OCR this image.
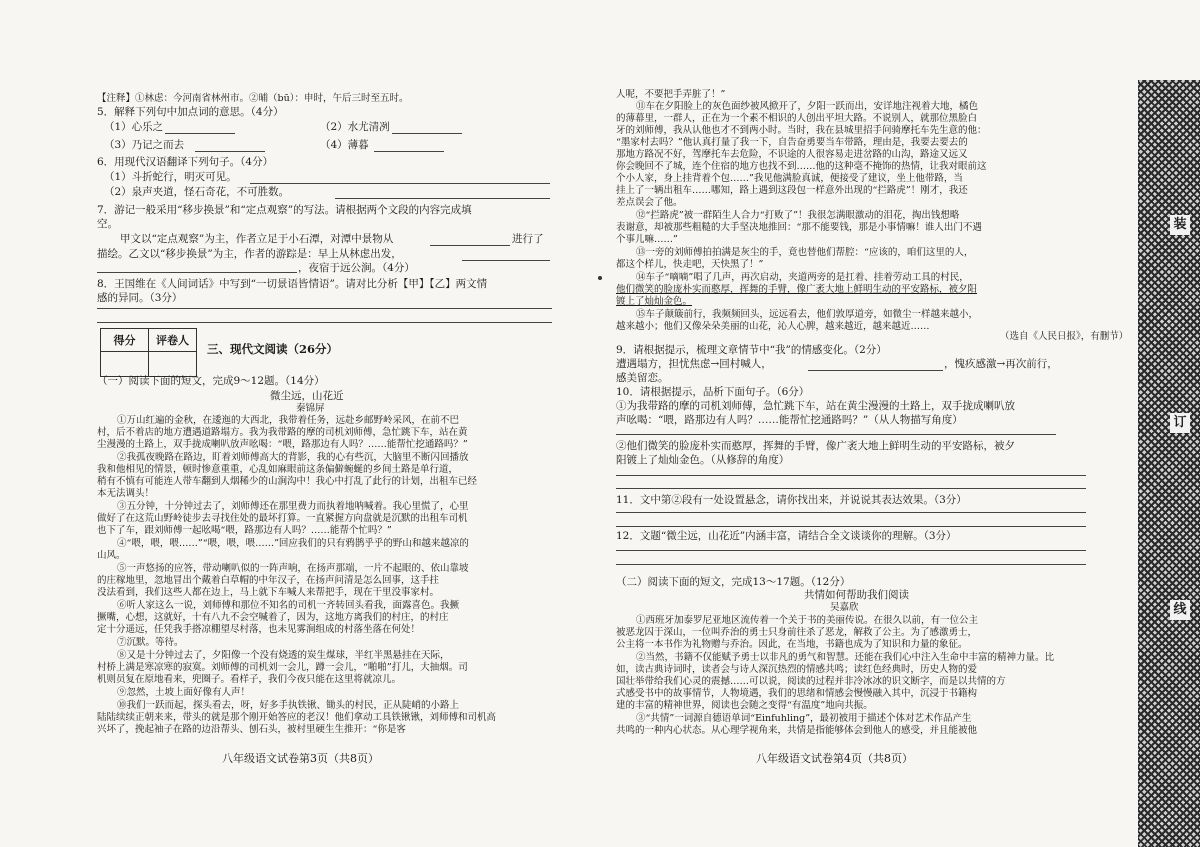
【注释】①林虑：今河南省林州市。②晡（bū）：申时，午后三时至五时。
5．解释下列句中加点词的意思。（4分）
（1）心乐之	（2）水尤清冽
（3）乃记之而去	（4）薄暮
6．用现代汉语翻译下列句子。（4分）
（1）斗折蛇行，明灭可见。
（2）泉声夹道，怪石奇花，不可胜数。
7．游记一般采用“移步换景”和“定点观察”的写法。请根据两个文段的内容完成填
空。
甲文以“定点观察”为主，作者立足于小石潭，对潭中景物从	进行了
描绘。乙文以“移步换景”为主，作者的游踪是：早上从林虑出发，
，夜宿于远公涧。（4分）
8．王国维在《人间词话》中写到“一切景语皆情语”。请对比分析【甲】【乙】两文情
感的异同。（3分）
得分	评卷人

三、现代文阅读（26分）
（一）阅读下面的短文，完成9～12题。（14分）
微尘远，山花近
秦锦屏
①万山红遍的金秋，在逶迤的大西北，我带着任务，远赴乡邮野岭采风，在前不巴
村，后不着店的地方遭遇道路塌方。我为我带路的摩的司机刘师傅，急忙跳下车，站在黄
尘漫漫的土路上，双手拢成喇叭放声吆喝：“喂，路那边有人吗？……能帮忙挖通路吗？”
②我孤夜晚路在路边，盯着刘师傅高大的背影，我的心有些沉，大脑里不断闪回播放
我和他相见的情景，顿时惨意重重，心乱如麻眼前这条偏僻蜿蜒的乡间土路是单行道，
稍有不慎有可能连人带车翻到人烟稀少的山涧沟中！我心中打乱了此行的计划，出租车已经
本无法调头！
③五分钟，十分钟过去了，刘师傅还在那里费力而执着地呐喊着。我心里慌了，心里
做好了在这荒山野岭徒步去寻找住处的最坏打算。一直紧握方向盘就是沉默的出租车司机
也下了车，跟刘师傅一起吆喝“喂，路那边有人吗？……能帮个忙吗？”
④“喂，喂，喂……”“喂，喂，喂……”回应我们的只有鸦鹊乎乎的野山和越来越凉的
山风。
⑤一声悠扬的应答，带动喇叭似的一阵声响，在扬声那端，一片不起眼的、依山靠坡
的庄稼地里，忽地冒出个戴着白草帽的中年汉子，在扬声问清是怎么回事，这手拄
没法看到，我们这些人都在边上，马上就下车喊人来帮把手，现在干里没事家村。
⑥听人家这么一说，刘师傅和那位不知名的司机一齐转回头看我，面露喜色。我撅
撅嘴，心想，这就好，十有八九不会空喊着了，因为，这地方离我们的村庄，的村庄
定十分遥远，任凭我手搭凉棚望尽村落，也未见雾涧组成的村落坐落在何处！
⑦沉默。等待。
⑧又是十分钟过去了，夕阳像一个没有烧透的炭生煤球，半红半黑悬挂在天际，
村桥上满是寒凉寒的寂寞。刘师傅的司机刘一会儿，蹲一会儿，“啪啪”打儿，大抽烟。司
机则员复在原地看来，兜圈子。看样子，我们今夜只能在这里将就凉儿。
⑨忽然，土坡上面好像有人声！
⑩我们一跃而起，探头看去，呀，好多手执铁锹、锄头的村民，正从陡峭的小路上
陆陆续续正朝来来，带头的就是那个刚开始答应的老汉！他们拿动工具铁锹锹，刘师傅和司机高
兴坏了，挽起袖子在路的边沿帮头、刨石头，被村里硬生生推开：“你是客
八年级语文试卷第3页（共8页）
人呢，不要把手弄脏了！”
⑪车在夕阳脸上的灰色面纱被风掀开了，夕阳一跃而出，安详地注视着大地，橘色
的薄幕里，一群人，正在为一个素不相识的人创出平坦大路。不说别人，就那位黑脸白
牙的刘师傅，我从认他也才不到两小时。当时，我在县城里招手问骑摩托车先生意的他：
“墨家村去吗？”他认真打量了我一下，自告奋勇要当车带路，理由是，我要去要去的
那地方路况不好，驾摩托车去危险，不识途的人很容易走进岔路的山沟，路途又远又
你会晚回不了城，连个住宿的地方也找不到……他的这种毫不掩饰的热情，让我对眼前这
个小人家，身上挂背着个包……”我见他满脸真诚，便接受了建议，坐上他带路，当
挂上了一辆出租车……哪知，路上遇到这段包一样意外出现的“拦路虎”！刚才，我还
差点误会了他。
⑫“拦路虎”被一群陌生人合力“打败了”！我很怎满眼激动的泪花，掏出钱想略
表谢意，却被那些粗糙的大手坚决地推回：“那不能要钱，那是小事情嘛！谁人出门不遇
个事儿嘛……”
⑬一旁的刘师傅拍拍满是灰尘的手，竟也替他们帮腔：“应该的，咱们这里的人，
都这个样儿，快走吧，天快黑了！”
⑭车子“嘀嘀”唱了几声，再次启动，夹道两旁的是扛着、挂着劳动工具的村民，
他们微笑的脸庞朴实而憨厚，挥舞的手臂，像广袤大地上鲜明生动的平安路标，被夕阳
镀上了灿灿金色。
⑮车子颠簸前行，我频频回头，远远看去，他们敦厚道旁，如微尘一样越来越小，
越来越小；他们又像朵朵美丽的山花，沁人心脾，越来越近，越来越近……
（选自《人民日报》，有删节）
9．请根据提示，梳理文章情节中“我”的情感变化。（2分）
遭遇塌方，担忧焦虑→回村喊人，	，愧疚感激→再次前行，
感美留恋。
10．请根据提示，品析下面句子。（6分）
①为我带路的摩的司机刘师傅，急忙跳下车，站在黄尘漫漫的土路上，双手拢成喇叭放
声吆喝：“喂，路那边有人吗？……能帮忙挖通路吗？”（从人物描写角度）
②他们微笑的脸庞朴实而憨厚，挥舞的手臂，像广袤大地上鲜明生动的平安路标，被夕
阳镀上了灿灿金色。（从修辞的角度）
11．文中第②段有一处设置悬念，请你找出来，并说说其表达效果。（3分）
12．文题“微尘远，山花近”内涵丰富，请结合全文谈谈你的理解。（3分）
（二）阅读下面的短文，完成13～17题。（12分）
共情如何帮助我们阅读
吴嘉欣
①西班牙加泰罗尼亚地区流传着一个关于书的美丽传说。在很久以前，有一位公主
被恶龙囚于深山，一位叫乔治的勇士只身前往杀了恶龙，解救了公主。为了感激勇士，
公主将一本书作为礼物赠与乔治。因此，在当地，书籍也成为了知识和力量的象征。
②当然，书籍不仅能赋予勇士以非凡的勇气和智慧。还能在我们心中注入生命中丰富的精神力量。比
如，读古典诗词时，读者会与诗人深沉热烈的情感共鸣；读红色经典时，历史人物的爱
国壮举带给我们心灵的震撼……可以说，阅读的过程并非冷冰冰的识文断字，而是以共情的方
式感受书中的故事情节，人物境遇，我们的思绪和情感会慢慢融入其中，沉浸于书籍构
建的丰富的精神世界，阅读也会随之变得“有温度”地向共振。
③“共情”一词源自德语单词“Einfuhling”，最初被用于描述个体对艺术作品产生
共鸣的一种内心状态。从心理学视角来，共情是指能够体会到他人的感受，并且能被他
八年级语文试卷第4页（共8页）
装
订
线
